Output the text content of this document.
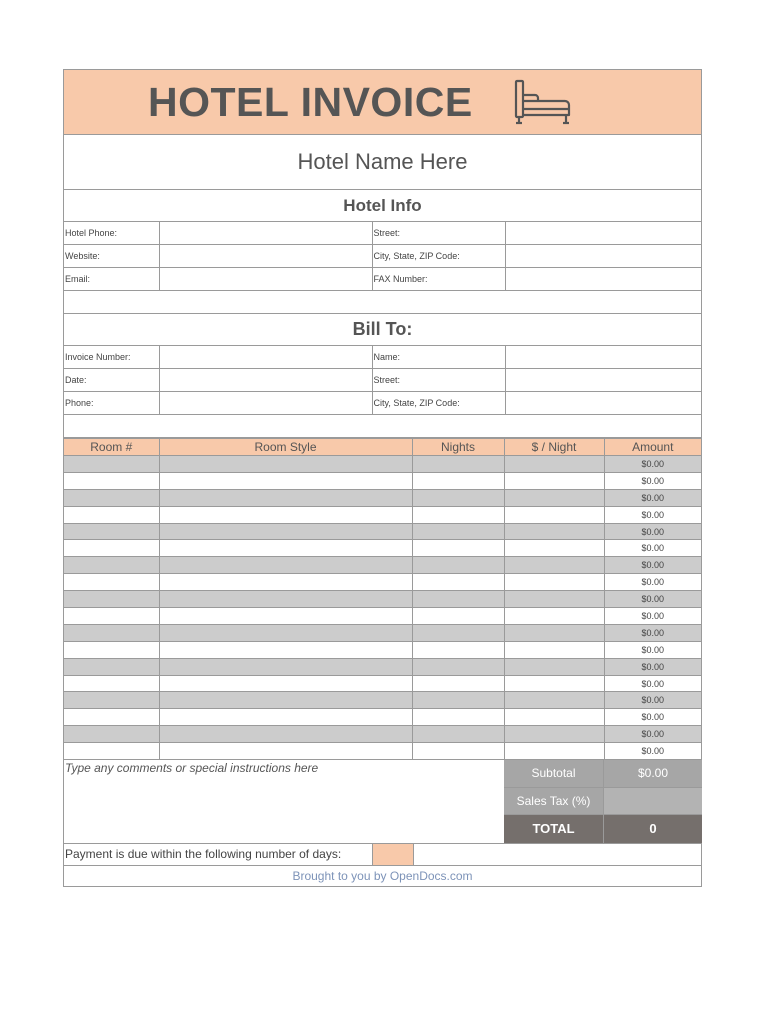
HOTEL INVOICE
Hotel Name Here
Hotel Info
Hotel Phone:		Street:	
Website:		City, State, ZIP Code:	
Email:		FAX Number:	
Bill To:
Invoice Number:		Name:	
Date:		Street:	
Phone:		City, State, ZIP Code:	
Room #	Room Style	Nights	$ / Night	Amount
				$0.00
				$0.00
				$0.00
				$0.00
				$0.00
				$0.00
				$0.00
				$0.00
				$0.00
				$0.00
				$0.00
				$0.00
				$0.00
				$0.00
				$0.00
				$0.00
				$0.00
				$0.00
Type any comments or special instructions here	Subtotal	$0.00
Sales Tax (%)
TOTAL	0
Payment is due within the following number of days:
Brought to you by OpenDocs.com
